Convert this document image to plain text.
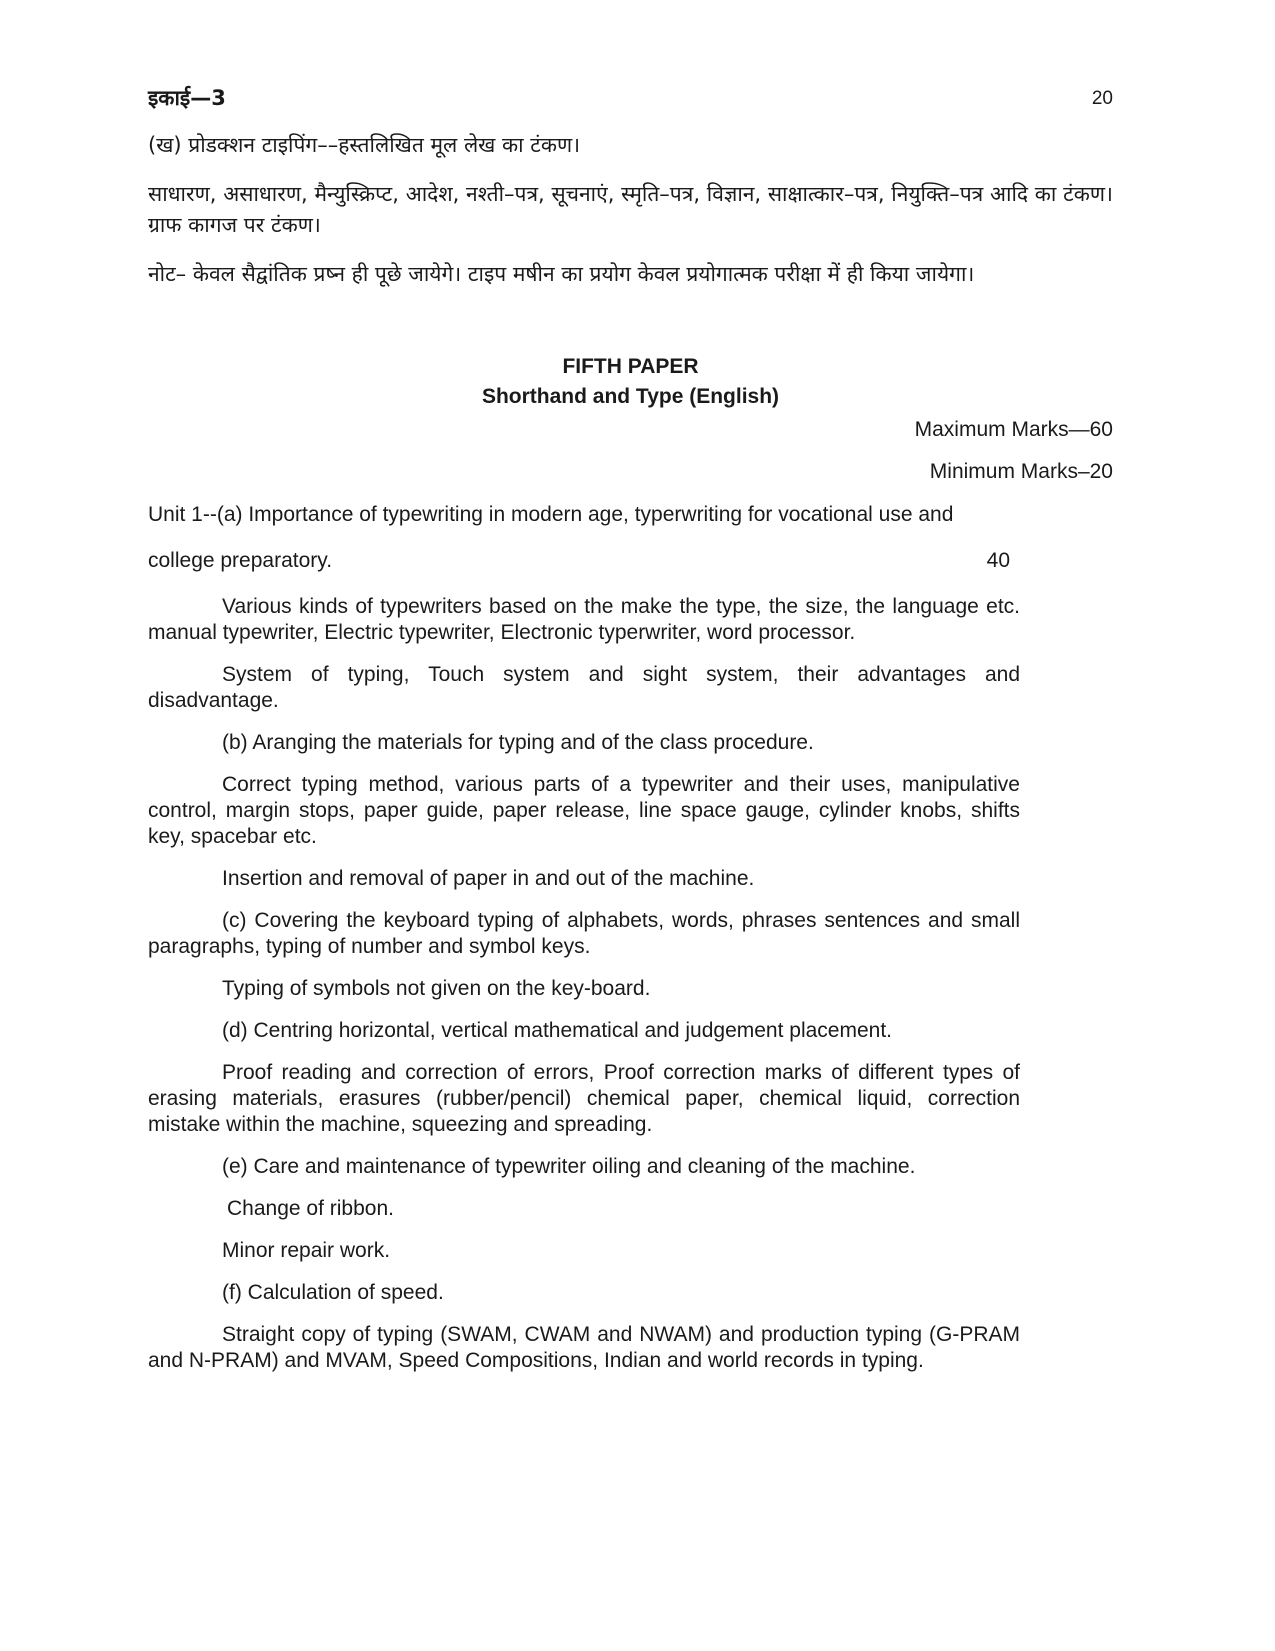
इकाई—3	20

(ख) प्रोडक्शन टाइपिंग––हस्तलिखित मूल लेख का टंकण।

साधारण, असाधारण, मैन्युस्क्रिप्ट, आदेश, नश्ती–पत्र, सूचनाएं, स्मृति–पत्र, विज्ञान, साक्षात्कार–पत्र, नियुक्ति–पत्र आदि का टंकण। ग्राफ कागज पर टंकण।

नोट– केवल सैद्वांतिक प्रष्न ही पूछे जायेगे। टाइप मषीन का प्रयोग केवल प्रयोगात्मक परीक्षा में ही किया जायेगा।

FIFTH PAPER

Shorthand and Type (English)

Maximum Marks—60

Minimum Marks–20

Unit 1--(a) Importance of typewriting in modern age, typerwriting for vocational use and

college preparatory.	40

Various kinds of typewriters based on the make the type, the size, the language etc. manual typewriter, Electric typewriter, Electronic typerwriter, word processor.

System of typing, Touch system and sight system, their advantages and disadvantage.

(b) Aranging the materials for typing and of the class procedure.

Correct typing method, various parts of a typewriter and their uses, manipulative control, margin stops, paper guide, paper release, line space gauge, cylinder knobs, shifts key, spacebar etc.

Insertion and removal of paper in and out of the machine.

(c) Covering the keyboard typing of alphabets, words, phrases sentences and small paragraphs, typing of number and symbol keys.

Typing of symbols not given on the key-board.

(d) Centring horizontal, vertical mathematical and judgement placement.

Proof reading and correction of errors, Proof correction marks of different types of erasing materials, erasures (rubber/pencil) chemical paper, chemical liquid, correction mistake within the machine, squeezing and spreading.

(e) Care and maintenance of typewriter oiling and cleaning of the machine.

Change of ribbon.

Minor repair work.

(f) Calculation of speed.

Straight copy of typing (SWAM, CWAM and NWAM) and production typing (G-PRAM and N-PRAM) and MVAM, Speed Compositions, Indian and world records in typing.
